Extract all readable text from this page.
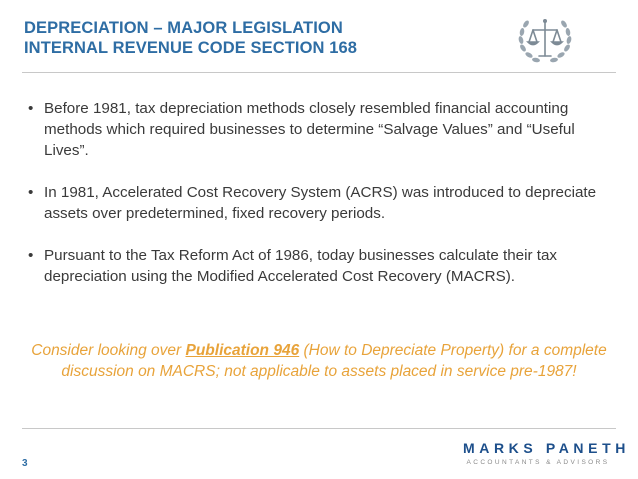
DEPRECIATION – MAJOR LEGISLATION
INTERNAL REVENUE CODE SECTION 168
• Before 1981, tax depreciation methods closely resembled financial accounting methods which required businesses to determine “Salvage Values” and “Useful Lives”.
• In 1981, Accelerated Cost Recovery System (ACRS) was introduced to depreciate assets over predetermined, fixed recovery periods.
• Pursuant to the Tax Reform Act of 1986, today businesses calculate their tax depreciation using the Modified Accelerated Cost Recovery (MACRS).
Consider looking over Publication 946 (How to Depreciate Property) for a complete discussion on MACRS; not applicable to assets placed in service pre-1987!
3
MARKS PANETH
ACCOUNTANTS & ADVISORS
